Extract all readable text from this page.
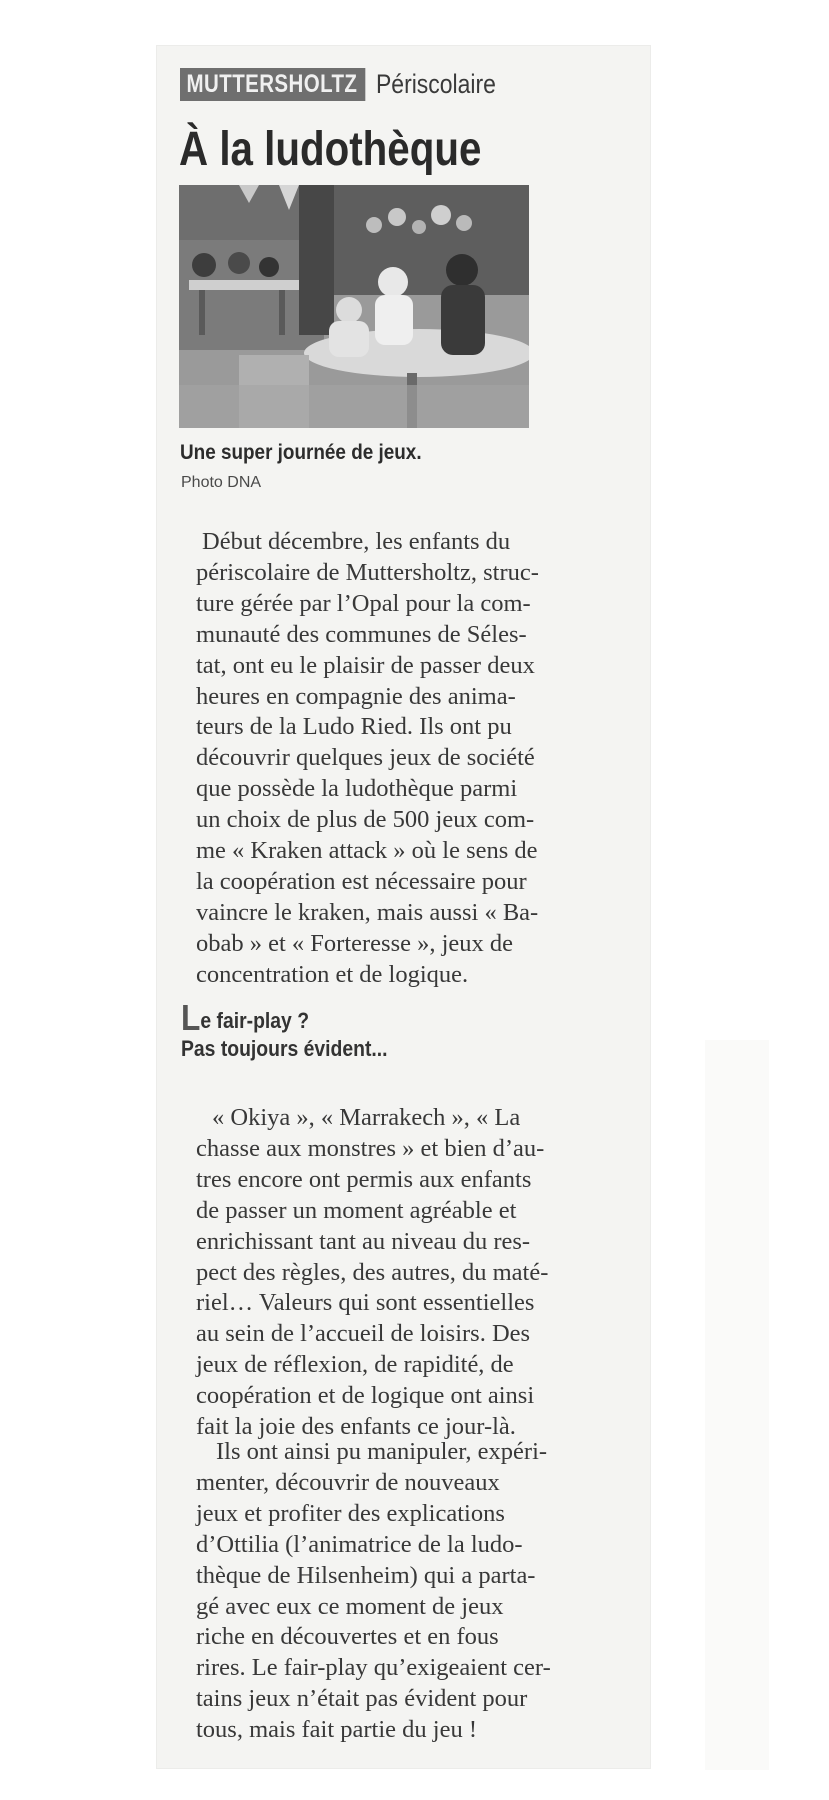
MUTTERSHOLTZ Périscolaire
À la ludothèque
Une super journée de jeux.
Photo DNA
Début décembre, les enfants du
périscolaire de Muttersholtz, struc-
ture gérée par l’Opal pour la com-
munauté des communes de Séles-
tat, ont eu le plaisir de passer deux
heures en compagnie des anima-
teurs de la Ludo Ried. Ils ont pu
découvrir quelques jeux de société
que possède la ludothèque parmi
un choix de plus de 500 jeux com-
me « Kraken attack » où le sens de
la coopération est nécessaire pour
vaincre le kraken, mais aussi « Ba-
obab » et « Forteresse », jeux de
concentration et de logique.
L e fair-play ?
Pas toujours évident...
« Okiya », « Marrakech », « La
chasse aux monstres » et bien d’au-
tres encore ont permis aux enfants
de passer un moment agréable et
enrichissant tant au niveau du res-
pect des règles, des autres, du maté-
riel… Valeurs qui sont essentielles
au sein de l’accueil de loisirs. Des
jeux de réflexion, de rapidité, de
coopération et de logique ont ainsi
fait la joie des enfants ce jour-là.
Ils ont ainsi pu manipuler, expéri-
menter, découvrir de nouveaux
jeux et profiter des explications
d’Ottilia (l’animatrice de la ludo-
thèque de Hilsenheim) qui a parta-
gé avec eux ce moment de jeux
riche en découvertes et en fous
rires. Le fair-play qu’exigeaient cer-
tains jeux n’était pas évident pour
tous, mais fait partie du jeu !
